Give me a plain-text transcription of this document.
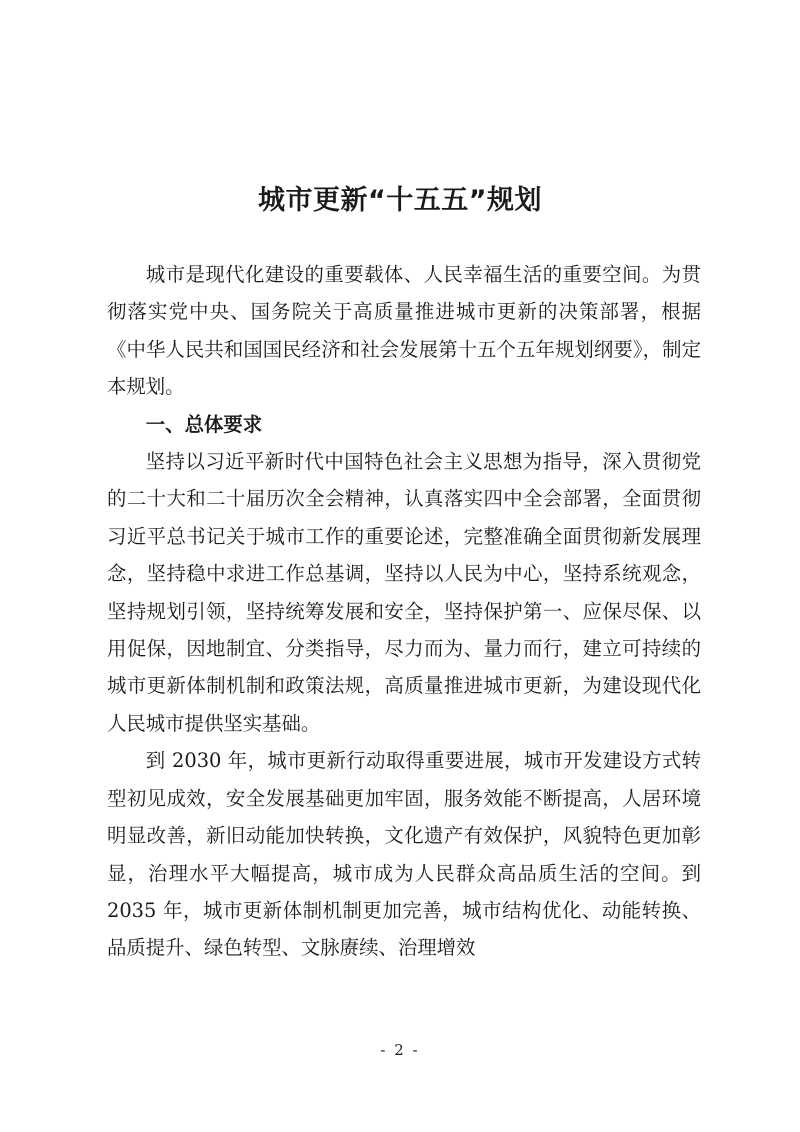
城市更新“十五五”规划

城市是现代化建设的重要载体、人民幸福生活的重要空间。为贯彻落实党中央、国务院关于高质量推进城市更新的决策部署，根据《中华人民共和国国民经济和社会发展第十五个五年规划纲要》，制定本规划。

一、总体要求

坚持以习近平新时代中国特色社会主义思想为指导，深入贯彻党的二十大和二十届历次全会精神，认真落实四中全会部署，全面贯彻习近平总书记关于城市工作的重要论述，完整准确全面贯彻新发展理念，坚持稳中求进工作总基调，坚持以人民为中心，坚持系统观念，坚持规划引领，坚持统筹发展和安全，坚持保护第一、应保尽保、以用促保，因地制宜、分类指导，尽力而为、量力而行，建立可持续的城市更新体制机制和政策法规，高质量推进城市更新，为建设现代化人民城市提供坚实基础。

到 2030 年，城市更新行动取得重要进展，城市开发建设方式转型初见成效，安全发展基础更加牢固，服务效能不断提高，人居环境明显改善，新旧动能加快转换，文化遗产有效保护，风貌特色更加彰显，治理水平大幅提高，城市成为人民群众高品质生活的空间。到 2035 年，城市更新体制机制更加完善，城市结构优化、动能转换、品质提升、绿色转型、文脉赓续、治理增效

- 2 -
